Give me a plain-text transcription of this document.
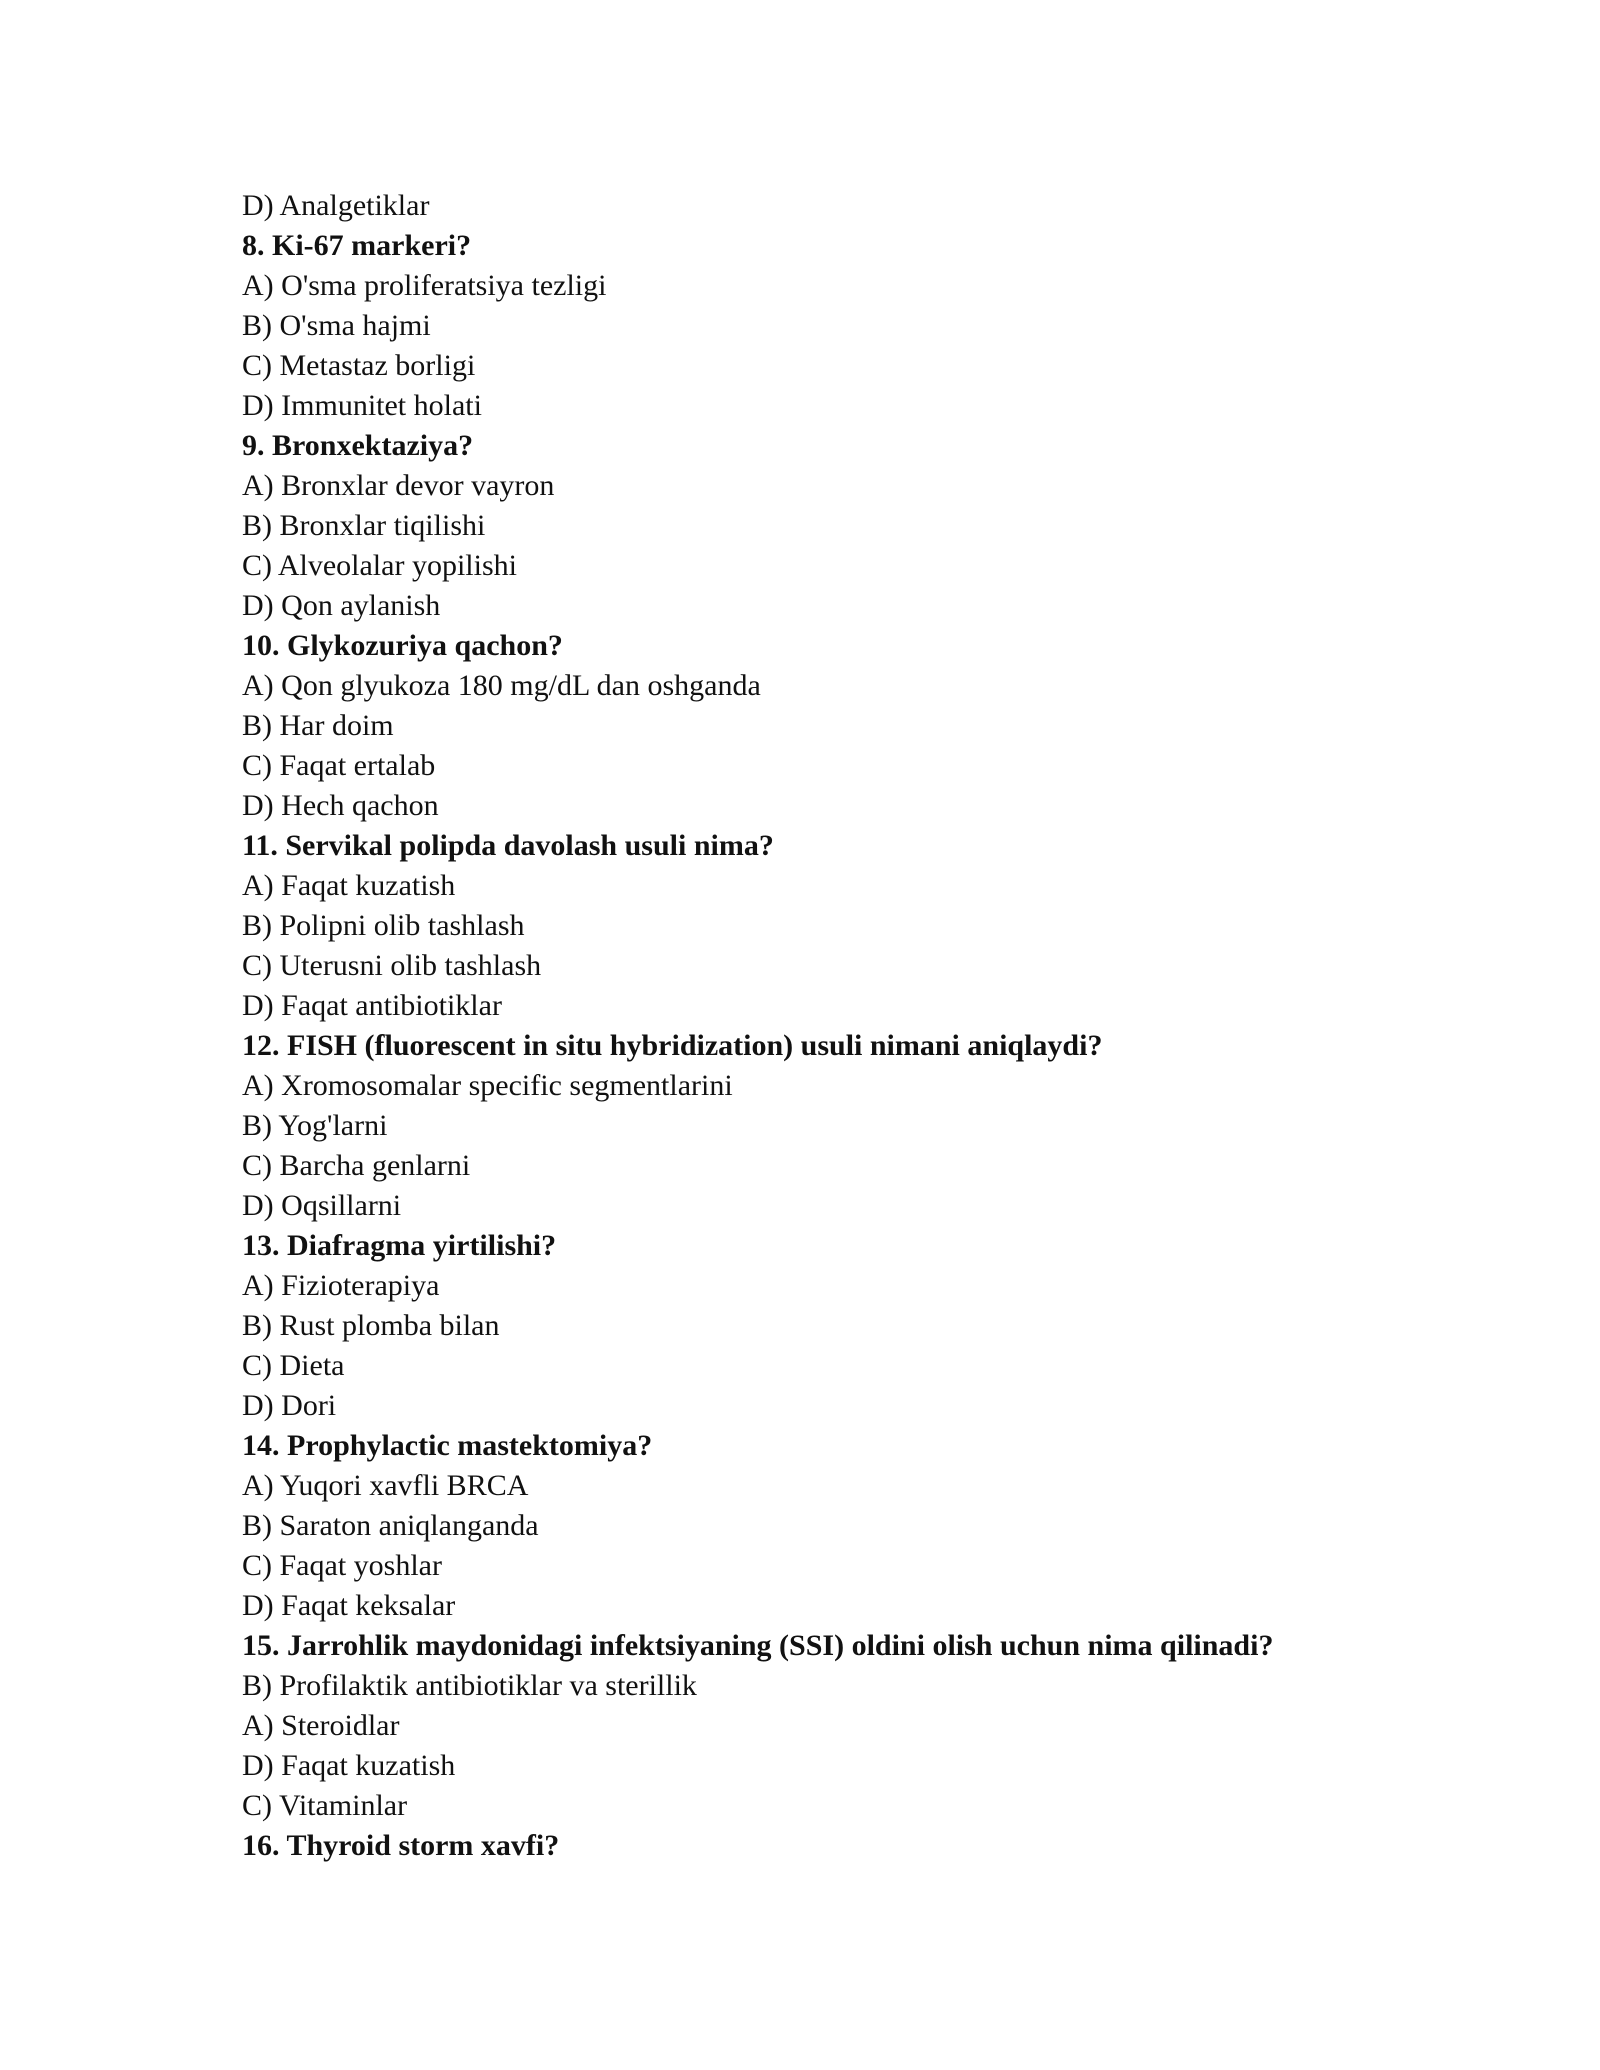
D) Analgetiklar
8. Ki-67 markeri?
A) O'sma proliferatsiya tezligi
B) O'sma hajmi
C) Metastaz borligi
D) Immunitet holati
9. Bronxektaziya?
A) Bronxlar devor vayron
B) Bronxlar tiqilishi
C) Alveolalar yopilishi
D) Qon aylanish
10. Glykozuriya qachon?
A) Qon glyukoza 180 mg/dL dan oshganda
B) Har doim
C) Faqat ertalab
D) Hech qachon
11. Servikal polipda davolash usuli nima?
A) Faqat kuzatish
B) Polipni olib tashlash
C) Uterusni olib tashlash
D) Faqat antibiotiklar
12. FISH (fluorescent in situ hybridization) usuli nimani aniqlaydi?
A) Xromosomalar specific segmentlarini
B) Yog'larni
C) Barcha genlarni
D) Oqsillarni
13. Diafragma yirtilishi?
A) Fizioterapiya
B) Rust plomba bilan
C) Dieta
D) Dori
14. Prophylactic mastektomiya?
A) Yuqori xavfli BRCA
B) Saraton aniqlanganda
C) Faqat yoshlar
D) Faqat keksalar
15. Jarrohlik maydonidagi infektsiyaning (SSI) oldini olish uchun nima qilinadi?
B) Profilaktik antibiotiklar va sterillik
A) Steroidlar
D) Faqat kuzatish
C) Vitaminlar
16. Thyroid storm xavfi?
